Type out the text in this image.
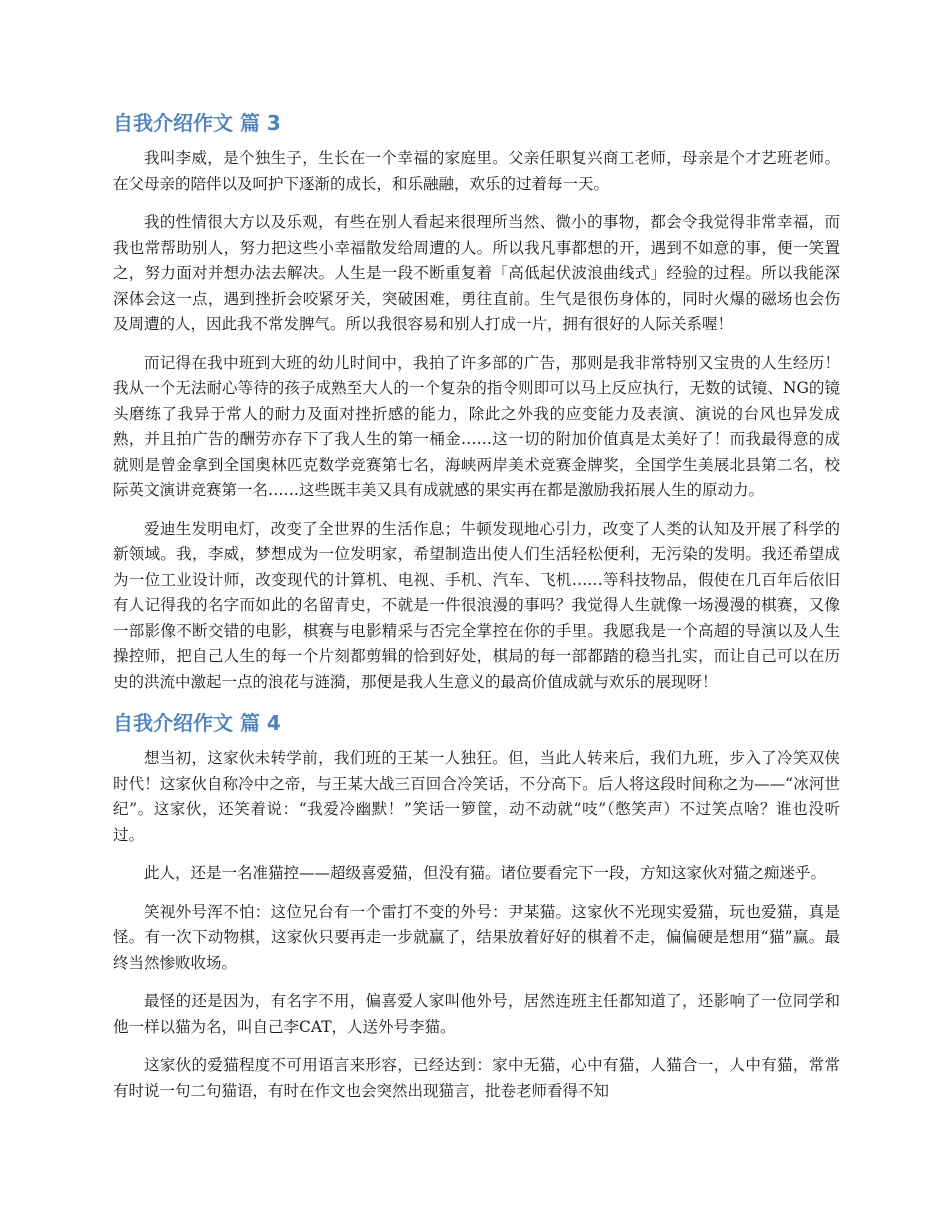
自我介绍作文 篇 3

我叫李威，是个独生子，生长在一个幸福的家庭里。父亲任职复兴商工老师，母亲是个才艺班老师。在父母亲的陪伴以及呵护下逐渐的成长，和乐融融，欢乐的过着每一天。

我的性情很大方以及乐观，有些在别人看起来很理所当然、微小的事物，都会令我觉得非常幸福，而我也常帮助别人，努力把这些小幸福散发给周遭的人。所以我凡事都想的开，遇到不如意的事，便一笑置之，努力面对并想办法去解决。人生是一段不断重复着「高低起伏波浪曲线式」经验的过程。所以我能深深体会这一点，遇到挫折会咬紧牙关，突破困难，勇往直前。生气是很伤身体的，同时火爆的磁场也会伤及周遭的人，因此我不常发脾气。所以我很容易和别人打成一片，拥有很好的人际关系喔！

而记得在我中班到大班的幼儿时间中，我拍了许多部的广告，那则是我非常特别又宝贵的人生经历！我从一个无法耐心等待的孩子成熟至大人的一个复杂的指令则即可以马上反应执行，无数的试镜、NG的镜头磨练了我异于常人的耐力及面对挫折感的能力，除此之外我的应变能力及表演、演说的台风也异发成熟，并且拍广告的酬劳亦存下了我人生的第一桶金……这一切的附加价值真是太美好了！而我最得意的成就则是曾金拿到全国奥林匹克数学竞赛第七名，海峡两岸美术竞赛金牌奖，全国学生美展北县第二名，校际英文演讲竞赛第一名……这些既丰美又具有成就感的果实再在都是激励我拓展人生的原动力。

爱迪生发明电灯，改变了全世界的生活作息；牛顿发现地心引力，改变了人类的认知及开展了科学的新领域。我，李威，梦想成为一位发明家，希望制造出使人们生活轻松便利，无污染的发明。我还希望成为一位工业设计师，改变现代的计算机、电视、手机、汽车、飞机……等科技物品，假使在几百年后依旧有人记得我的名字而如此的名留青史，不就是一件很浪漫的事吗？我觉得人生就像一场漫漫的棋赛，又像一部影像不断交错的电影，棋赛与电影精采与否完全掌控在你的手里。我愿我是一个高超的导演以及人生操控师，把自己人生的每一个片刻都剪辑的恰到好处，棋局的每一部都踏的稳当扎实，而让自己可以在历史的洪流中激起一点的浪花与涟漪，那便是我人生意义的最高价值成就与欢乐的展现呀！

自我介绍作文 篇 4

想当初，这家伙未转学前，我们班的王某一人独狂。但，当此人转来后，我们九班，步入了冷笑双侠时代！这家伙自称冷中之帝，与王某大战三百回合冷笑话，不分高下。后人将这段时间称之为——“冰河世纪”。这家伙，还笑着说：“我爱冷幽默！”笑话一箩筐，动不动就“吱”（憋笑声）不过笑点啥？谁也没听过。

此人，还是一名准猫控——超级喜爱猫，但没有猫。诸位要看完下一段，方知这家伙对猫之痴迷乎。

笑视外号浑不怕：这位兄台有一个雷打不变的外号：尹某猫。这家伙不光现实爱猫，玩也爱猫，真是怪。有一次下动物棋，这家伙只要再走一步就赢了，结果放着好好的棋着不走，偏偏硬是想用“猫”赢。最终当然惨败收场。

最怪的还是因为，有名字不用，偏喜爱人家叫他外号，居然连班主任都知道了，还影响了一位同学和他一样以猫为名，叫自己李CAT，人送外号李猫。

这家伙的爱猫程度不可用语言来形容，已经达到：家中无猫，心中有猫，人猫合一，人中有猫，常常有时说一句二句猫语，有时在作文也会突然出现猫言，批卷老师看得不知
